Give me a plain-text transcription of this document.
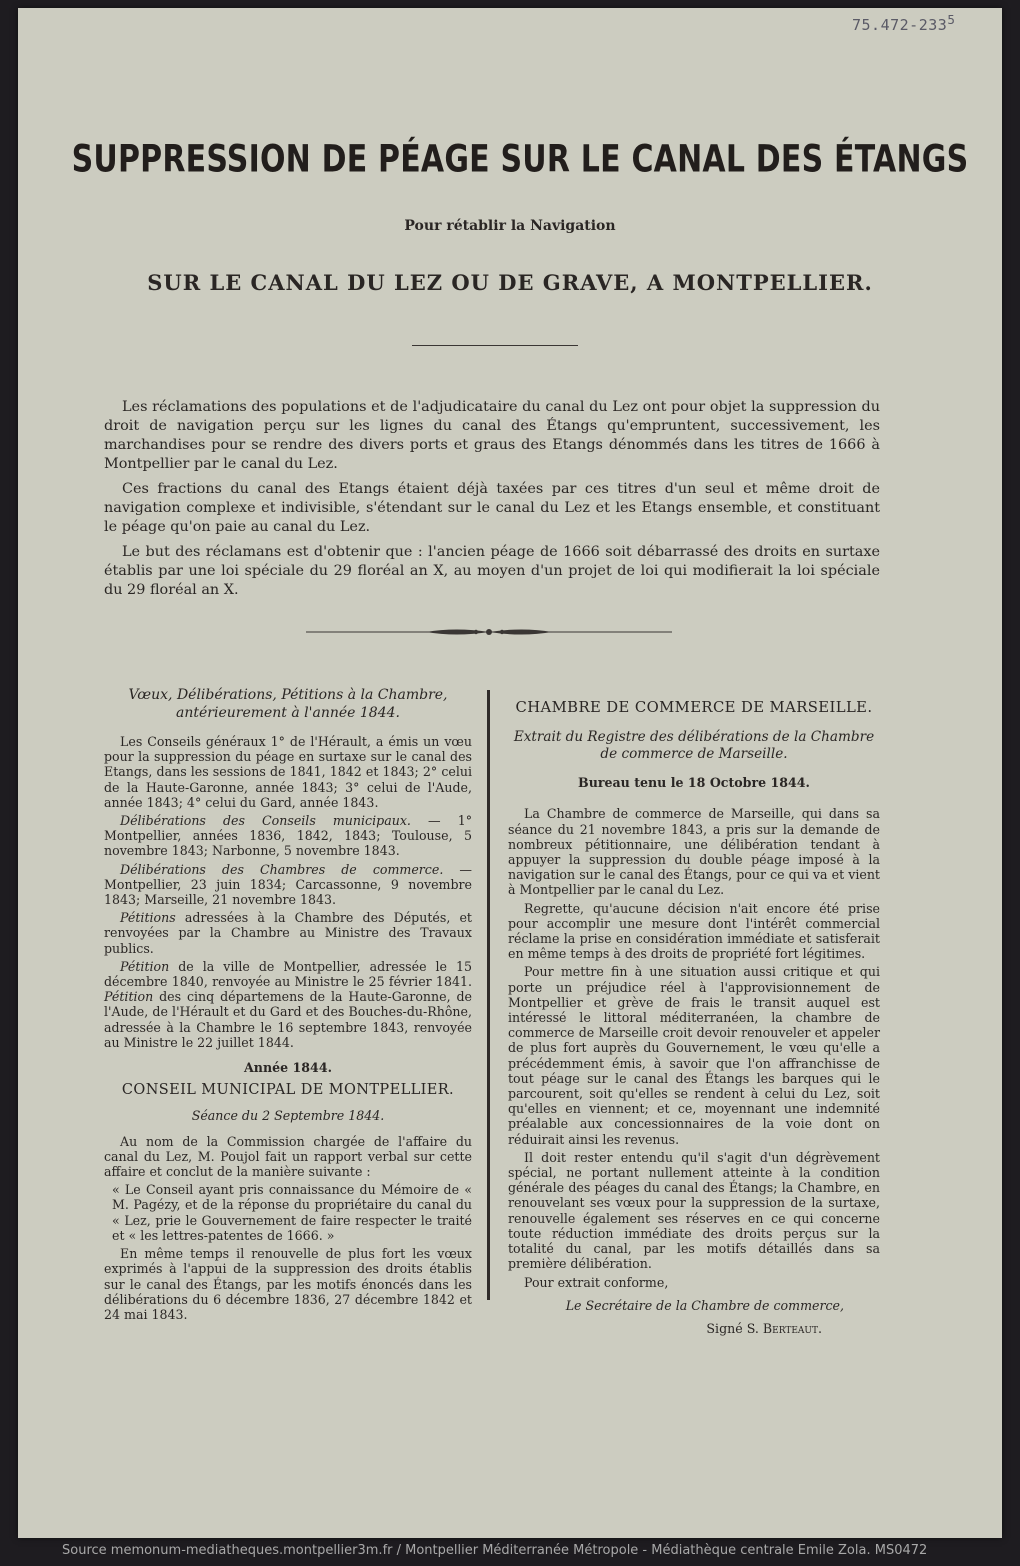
$75.472-233^5$
SUPPRESSION DE PÉAGE SUR LE CANAL DES ÉTANGS
Pour rétablir la Navigation
SUR LE CANAL DU LEZ OU DE GRAVE, A MONTPELLIER.

Les réclamations des populations et de l'adjudicataire du canal du Lez ont pour objet la suppression du droit de navigation perçu sur les lignes du canal des Étangs qu'empruntent, successivement, les marchandises pour se rendre des divers ports et graus des Etangs dénommés dans les titres de 1666 à Montpellier par le canal du Lez.

Ces fractions du canal des Etangs étaient déjà taxées par ces titres d'un seul et même droit de navigation complexe et indivisible, s'étendant sur le canal du Lez et les Etangs ensemble, et constituant le péage qu'on paie au canal du Lez.

Le but des réclamans est d'obtenir que : l'ancien péage de 1666 soit débarrassé des droits en surtaxe établis par une loi spéciale du 29 floréal an X, au moyen d'un projet de loi qui modifierait la loi spéciale du 29 floréal an X.

Vœux, Délibérations, Pétitions à la Chambre, antérieurement à l'année 1844.

Les Conseils généraux 1° de l'Hérault, a émis un vœu pour la suppression du péage en surtaxe sur le canal des Etangs, dans les sessions de 1841, 1842 et 1843; 2° celui de la Haute-Garonne, année 1843; 3° celui de l'Aude, année 1843; 4° celui du Gard, année 1843.

Délibérations des Conseils municipaux. — 1° Montpellier, années 1836, 1842, 1843; Toulouse, 5 novembre 1843; Narbonne, 5 novembre 1843.

Délibérations des Chambres de commerce. — Montpellier, 23 juin 1834; Carcassonne, 9 novembre 1843; Marseille, 21 novembre 1843.

Pétitions adressées à la Chambre des Députés, et renvoyées par la Chambre au Ministre des Travaux publics.

Pétition de la ville de Montpellier, adressée le 15 décembre 1840, renvoyée au Ministre le 25 février 1841. Pétition des cinq départemens de la Haute-Garonne, de l'Aude, de l'Hérault et du Gard et des Bouches-du-Rhône, adressée à la Chambre le 16 septembre 1843, renvoyée au Ministre le 22 juillet 1844.

Année 1844.

CONSEIL MUNICIPAL DE MONTPELLIER.

Séance du 2 Septembre 1844.

Au nom de la Commission chargée de l'affaire du canal du Lez, M. Poujol fait un rapport verbal sur cette affaire et conclut de la manière suivante :

« Le Conseil ayant pris connaissance du Mémoire de « M. Pagézy, et de la réponse du propriétaire du canal du « Lez, prie le Gouvernement de faire respecter le traité et « les lettres-patentes de 1666. »

En même temps il renouvelle de plus fort les vœux exprimés à l'appui de la suppression des droits établis sur le canal des Étangs, par les motifs énoncés dans les délibérations du 6 décembre 1836, 27 décembre 1842 et 24 mai 1843.

CHAMBRE DE COMMERCE DE MARSEILLE.

Extrait du Registre des délibérations de la Chambre de commerce de Marseille.

Bureau tenu le 18 Octobre 1844.

La Chambre de commerce de Marseille, qui dans sa séance du 21 novembre 1843, a pris sur la demande de nombreux pétitionnaire, une délibération tendant à appuyer la suppression du double péage imposé à la navigation sur le canal des Étangs, pour ce qui va et vient à Montpellier par le canal du Lez.

Regrette, qu'aucune décision n'ait encore été prise pour accomplir une mesure dont l'intérêt commercial réclame la prise en considération immédiate et satisferait en même temps à des droits de propriété fort légitimes.

Pour mettre fin à une situation aussi critique et qui porte un préjudice réel à l'approvisionnement de Montpellier et grève de frais le transit auquel est intéressé le littoral méditerranéen, la chambre de commerce de Marseille croit devoir renouveler et appeler de plus fort auprès du Gouvernement, le vœu qu'elle a précédemment émis, à savoir que l'on affranchisse de tout péage sur le canal des Étangs les barques qui le parcourent, soit qu'elles se rendent à celui du Lez, soit qu'elles en viennent; et ce, moyennant une indemnité préalable aux concessionnaires de la voie dont on réduirait ainsi les revenus.

Il doit rester entendu qu'il s'agit d'un dégrèvement spécial, ne portant nullement atteinte à la condition générale des péages du canal des Étangs; la Chambre, en renouvelant ses vœux pour la suppression de la surtaxe, renouvelle également ses réserves en ce qui concerne toute réduction immédiate des droits perçus sur la totalité du canal, par les motifs détaillés dans sa première délibération.

Pour extrait conforme,

Le Secrétaire de la Chambre de commerce,

Signé S. Berteaut.

Source memonum-mediatheques.montpellier3m.fr / Montpellier Méditerranée Métropole - Médiathèque centrale Emile Zola. MS0472
